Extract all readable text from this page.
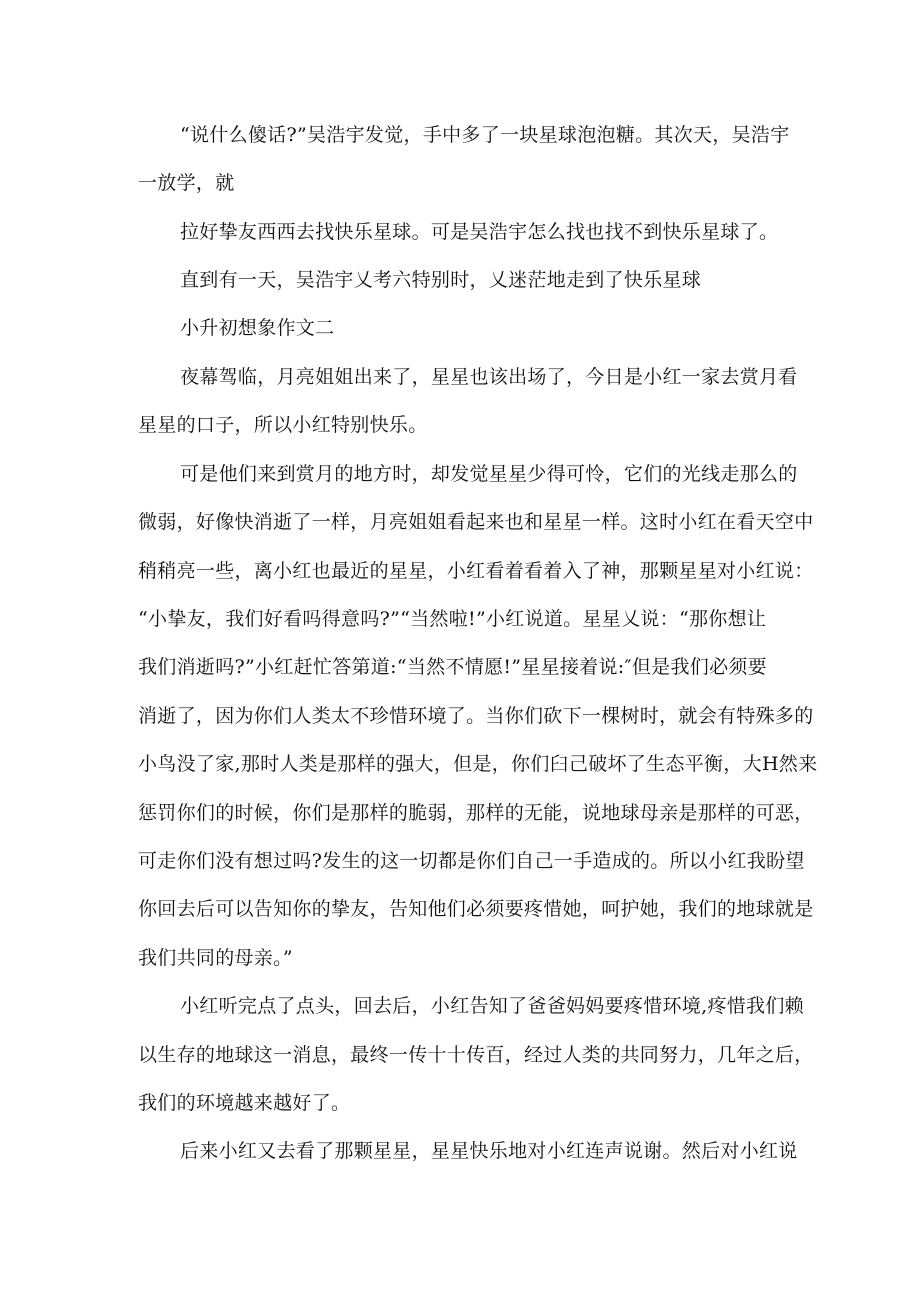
“说什么傻话?”吴浩宇发觉，手中多了一块星球泡泡糖。其次天，吴浩宇
一放学，就
拉好挚友西西去找快乐星球。可是吴浩宇怎么找也找不到快乐星球了。
直到有一天，吴浩宇乂考六特别时，乂迷茫地走到了快乐星球
小升初想象作文二
夜幕驾临，月亮姐姐出来了，星星也该出场了，今日是小红一家去赏月看
星星的口子，所以小红特别快乐。
可是他们来到赏月的地方时，却发觉星星少得可怜，它们的光线走那么的
微弱，好像快消逝了一样，月亮姐姐看起来也和星星一样。这时小红在看天空中
稍稍亮一些，离小红也最近的星星，小红看着看着入了神，那颗星星对小红说：
“小挚友，我们好看吗得意吗?”“当然啦!”小红说道。星星乂说：“那你想让
我们消逝吗?”小红赶忙答第道:“当然不情愿!”星星接着说:″但是我们必须要
消逝了，因为你们人类太不珍惜环境了。当你们砍下一棵树时，就会有特殊多的
小鸟没了家,那时人类是那样的强大，但是，你们臼己破坏了生态平衡，大H然来
惩罚你们的时候，你们是那样的脆弱，那样的无能，说地球母亲是那样的可恶，
可走你们没有想过吗?发生的这一切都是你们自己一手造成的。所以小红我盼望
你回去后可以告知你的挚友，告知他们必须要疼惜她，呵护她，我们的地球就是
我们共同的母亲。”
小红听完点了点头，回去后，小红告知了爸爸妈妈要疼惜环境,疼惜我们赖
以生存的地球这一消息，最终一传十十传百，经过人类的共同努力，几年之后，
我们的环境越来越好了。
后来小红又去看了那颗星星，星星快乐地对小红连声说谢。然后对小红说
